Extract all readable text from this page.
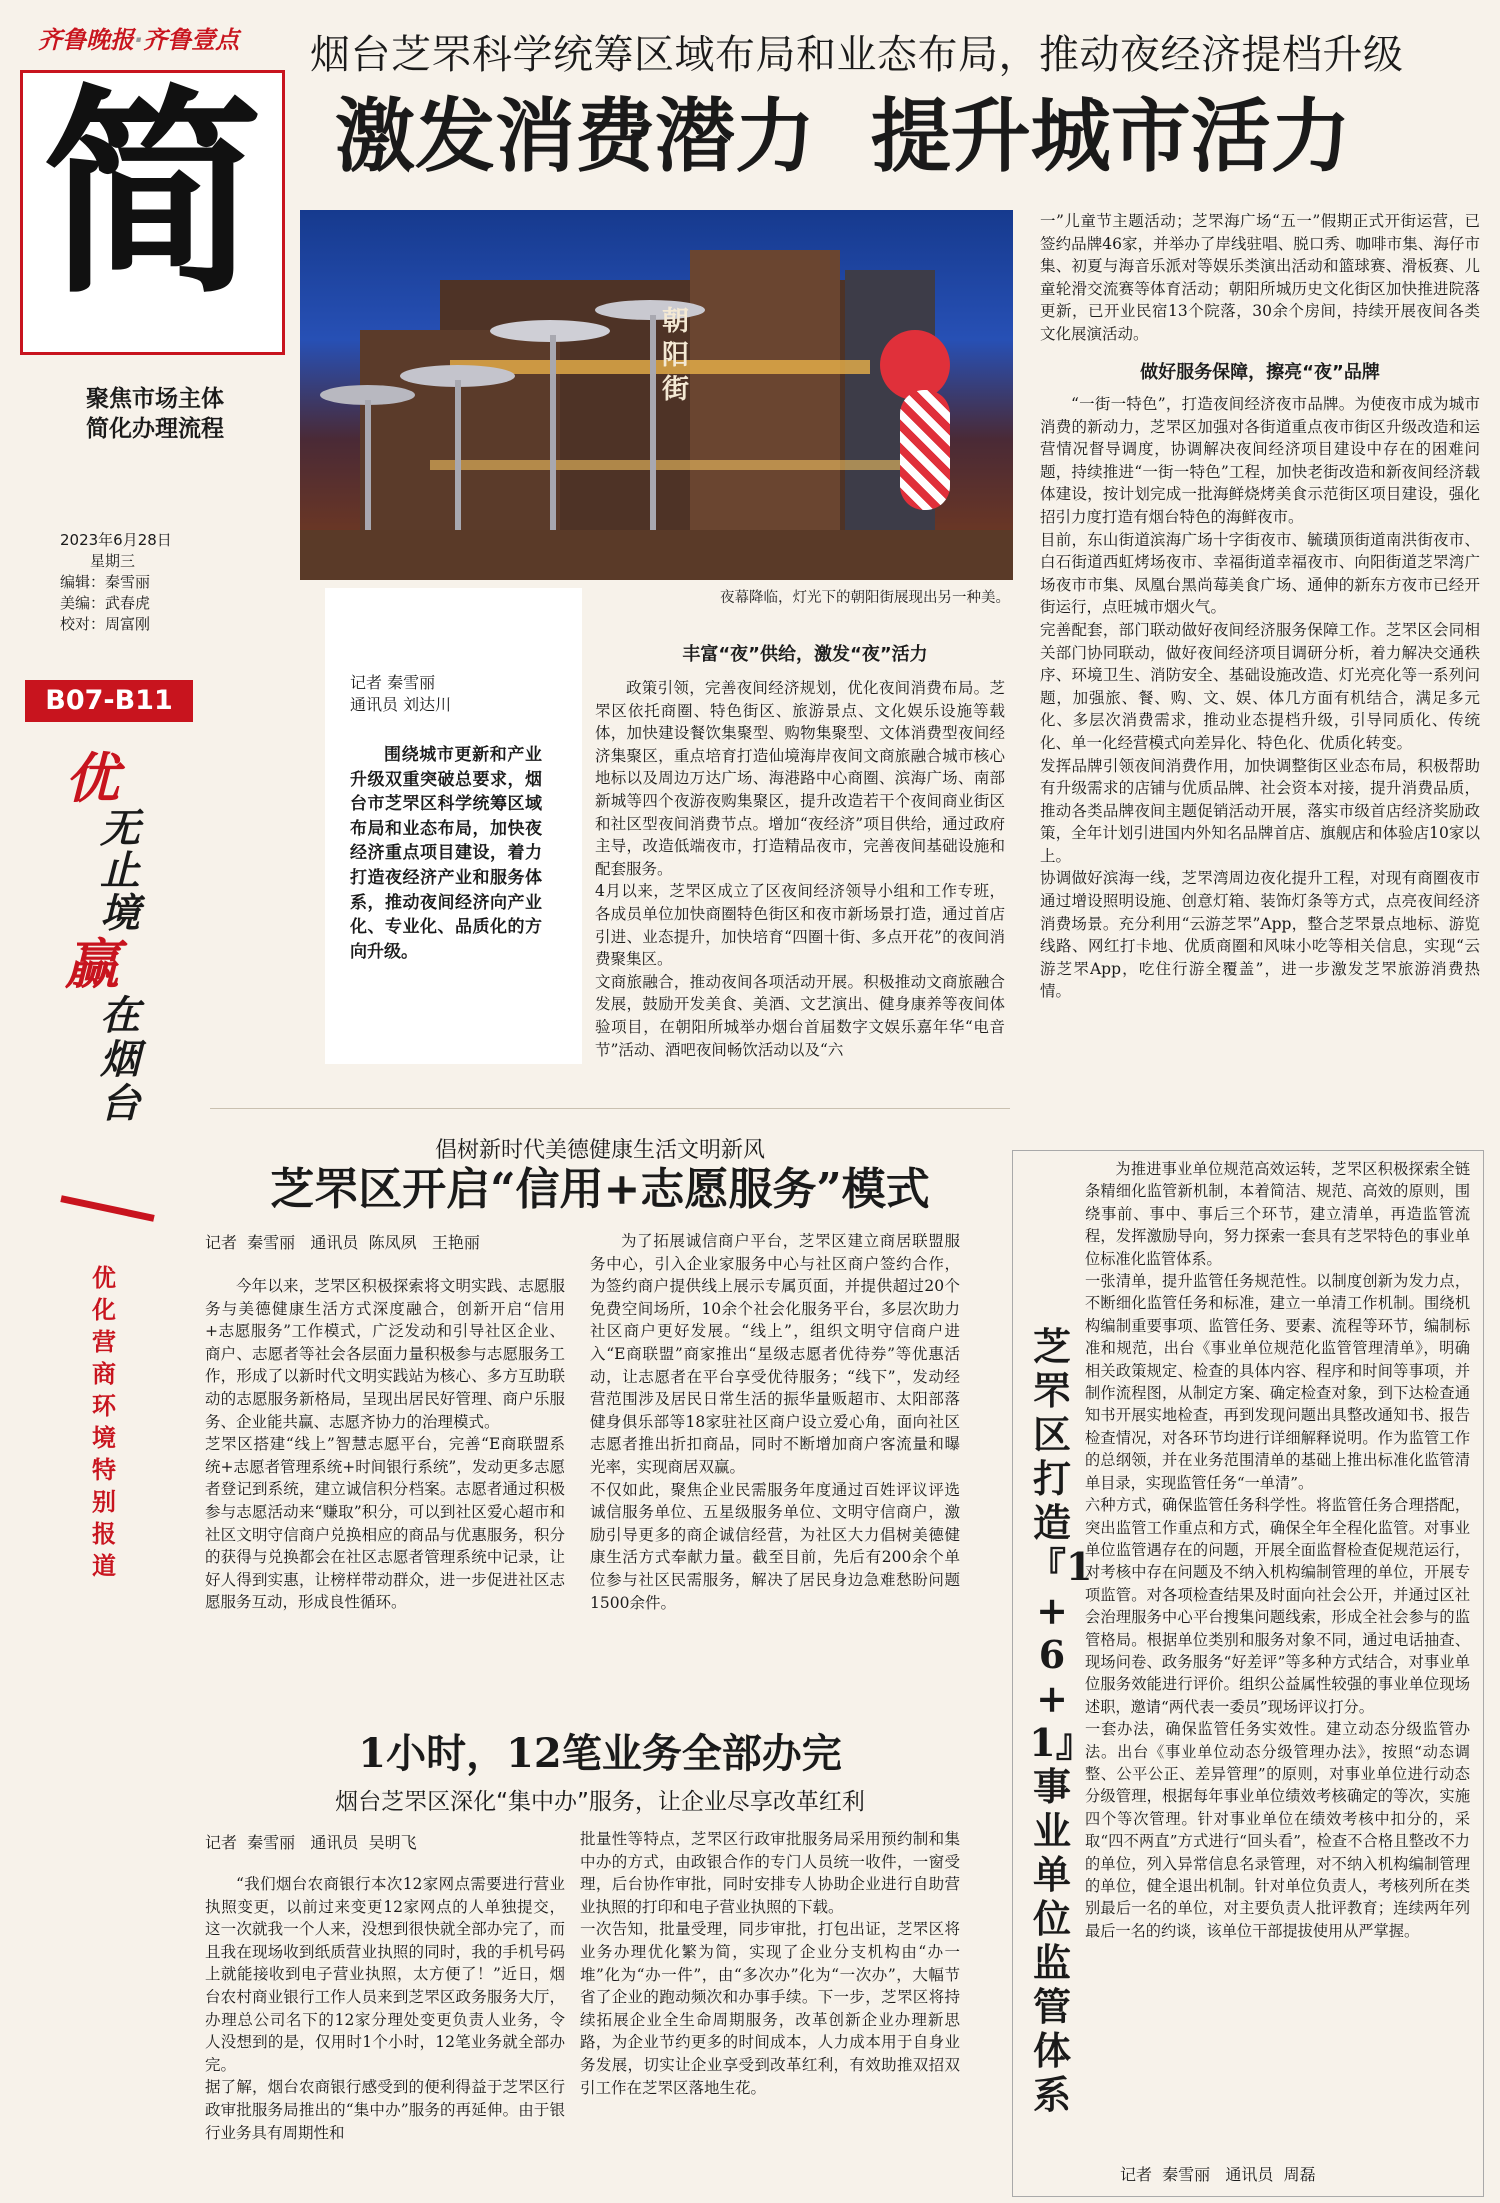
齐鲁晚报·齐鲁壹点
简
聚焦市场主体
简化办理流程
2023年6月28日
星期三
编辑：秦雪丽
美编：武春虎
校对：周富刚
B07-B11
优
无
止
境
赢
在
烟
台
优化营商环境特别报道
烟台芝罘科学统筹区域布局和业态布局，推动夜经济提档升级
激发消费潜力  提升城市活力
朝阳街
夜幕降临，灯光下的朝阳街展现出另一种美。
记者 秦雪丽
通讯员 刘达川

围绕城市更新和产业升级双重突破总要求，烟台市芝罘区科学统筹区域布局和业态布局，加快夜经济重点项目建设，着力打造夜经济产业和服务体系，推动夜间经济向产业化、专业化、品质化的方向升级。

丰富“夜”供给，激发“夜”活力

政策引领，完善夜间经济规划，优化夜间消费布局。芝罘区依托商圈、特色街区、旅游景点、文化娱乐设施等载体，加快建设餐饮集聚型、购物集聚型、文体消费型夜间经济集聚区，重点培育打造仙境海岸夜间文商旅融合城市核心地标以及周边万达广场、海港路中心商圈、滨海广场、南部新城等四个夜游夜购集聚区，提升改造若干个夜间商业街区和社区型夜间消费节点。增加“夜经济”项目供给，通过政府主导，改造低端夜市，打造精品夜市，完善夜间基础设施和配套服务。
4月以来，芝罘区成立了区夜间经济领导小组和工作专班，各成员单位加快商圈特色街区和夜市新场景打造，通过首店引进、业态提升，加快培育“四圈十街、多点开花”的夜间消费聚集区。
文商旅融合，推动夜间各项活动开展。积极推动文商旅融合发展，鼓励开发美食、美酒、文艺演出、健身康养等夜间体验项目，在朝阳所城举办烟台首届数字文娱乐嘉年华“电音节”活动、酒吧夜间畅饮活动以及“六

一”儿童节主题活动；芝罘海广场“五一”假期正式开街运营，已签约品牌46家，并举办了岸线驻唱、脱口秀、咖啡市集、海仔市集、初夏与海音乐派对等娱乐类演出活动和篮球赛、滑板赛、儿童轮滑交流赛等体育活动；朝阳所城历史文化街区加快推进院落更新，已开业民宿13个院落，30余个房间，持续开展夜间各类文化展演活动。

做好服务保障，擦亮“夜”品牌

“一街一特色”，打造夜间经济夜市品牌。为使夜市成为城市消费的新动力，芝罘区加强对各街道重点夜市街区升级改造和运营情况督导调度，协调解决夜间经济项目建设中存在的困难问题，持续推进“一街一特色”工程，加快老街改造和新夜间经济载体建设，按计划完成一批海鲜烧烤美食示范街区项目建设，强化招引力度打造有烟台特色的海鲜夜市。
目前，东山街道滨海广场十字街夜市、毓璜顶街道南洪街夜市、白石街道西虹烤场夜市、幸福街道幸福夜市、向阳街道芝罘湾广场夜市市集、凤凰台黑尚莓美食广场、通伸的新东方夜市已经开街运行，点旺城市烟火气。
完善配套，部门联动做好夜间经济服务保障工作。芝罘区会同相关部门协同联动，做好夜间经济项目调研分析，着力解决交通秩序、环境卫生、消防安全、基础设施改造、灯光亮化等一系列问题，加强旅、餐、购、文、娱、体几方面有机结合，满足多元化、多层次消费需求，推动业态提档升级，引导同质化、传统化、单一化经营模式向差异化、特色化、优质化转变。
发挥品牌引领夜间消费作用，加快调整街区业态布局，积极帮助有升级需求的店铺与优质品牌、社会资本对接，提升消费品质，推动各类品牌夜间主题促销活动开展，落实市级首店经济奖励政策，全年计划引进国内外知名品牌首店、旗舰店和体验店10家以上。
协调做好滨海一线，芝罘湾周边夜化提升工程，对现有商圈夜市通过增设照明设施、创意灯箱、装饰灯条等方式，点亮夜间经济消费场景。充分利用“云游芝罘”App，整合芝罘景点地标、游览线路、网红打卡地、优质商圈和风味小吃等相关信息，实现“云游芝罘App，吃住行游全覆盖”，进一步激发芝罘旅游消费热情。

倡树新时代美德健康生活文明新风
芝罘区开启“信用+志愿服务”模式
记者  秦雪丽   通讯员  陈凤夙   王艳丽

今年以来，芝罘区积极探索将文明实践、志愿服务与美德健康生活方式深度融合，创新开启“信用+志愿服务”工作模式，广泛发动和引导社区企业、商户、志愿者等社会各层面力量积极参与志愿服务工作，形成了以新时代文明实践站为核心、多方互助联动的志愿服务新格局，呈现出居民好管理、商户乐服务、企业能共赢、志愿齐协力的治理模式。
芝罘区搭建“线上”智慧志愿平台，完善“E商联盟系统+志愿者管理系统+时间银行系统”，发动更多志愿者登记到系统，建立诚信积分档案。志愿者通过积极参与志愿活动来“赚取”积分，可以到社区爱心超市和社区文明守信商户兑换相应的商品与优惠服务，积分的获得与兑换都会在社区志愿者管理系统中记录，让好人得到实惠，让榜样带动群众，进一步促进社区志愿服务互动，形成良性循环。

为了拓展诚信商户平台，芝罘区建立商居联盟服务中心，引入企业家服务中心与社区商户签约合作，为签约商户提供线上展示专属页面，并提供超过20个免费空间场所，10余个社会化服务平台，多层次助力社区商户更好发展。“线上”，组织文明守信商户进入“E商联盟”商家推出“星级志愿者优待券”等优惠活动，让志愿者在平台享受优待服务；“线下”，发动经营范围涉及居民日常生活的振华量贩超市、太阳部落健身俱乐部等18家驻社区商户设立爱心角，面向社区志愿者推出折扣商品，同时不断增加商户客流量和曝光率，实现商居双赢。
不仅如此，聚焦企业民需服务年度通过百姓评议评选诚信服务单位、五星级服务单位、文明守信商户，激励引导更多的商企诚信经营，为社区大力倡树美德健康生活方式奉献力量。截至目前，先后有200余个单位参与社区民需服务，解决了居民身边急难愁盼问题1500余件。

1小时，12笔业务全部办完
烟台芝罘区深化“集中办”服务，让企业尽享改革红利
记者  秦雪丽   通讯员  吴明飞

“我们烟台农商银行本次12家网点需要进行营业执照变更，以前过来变更12家网点的人单独提交，这一次就我一个人来，没想到很快就全部办完了，而且我在现场收到纸质营业执照的同时，我的手机号码上就能接收到电子营业执照，太方便了！”近日，烟台农村商业银行工作人员来到芝罘区政务服务大厅，办理总公司名下的12家分理处变更负责人业务，令人没想到的是，仅用时1个小时，12笔业务就全部办完。
据了解，烟台农商银行感受到的便利得益于芝罘区行政审批服务局推出的“集中办”服务的再延伸。由于银行业务具有周期性和

批量性等特点，芝罘区行政审批服务局采用预约制和集中办的方式，由政银合作的专门人员统一收件，一窗受理，后台协作审批，同时安排专人协助企业进行自助营业执照的打印和电子营业执照的下载。
一次告知，批量受理，同步审批，打包出证，芝罘区将业务办理优化繁为简，实现了企业分支机构由“办一堆”化为“办一件”，由“多次办”化为“一次办”，大幅节省了企业的跑动频次和办事手续。下一步，芝罘区将持续拓展企业全生命周期服务，改革创新企业办理新思路，为企业节约更多的时间成本，人力成本用于自身业务发展，切实让企业享受到改革红利，有效助推双招双引工作在芝罘区落地生花。

芝罘区打造『1+6+1』事业单位监管体系

为推进事业单位规范高效运转，芝罘区积极探索全链条精细化监管新机制，本着简洁、规范、高效的原则，围绕事前、事中、事后三个环节，建立清单，再造监管流程，发挥激励导向，努力探索一套具有芝罘特色的事业单位标准化监管体系。
一张清单，提升监管任务规范性。以制度创新为发力点，不断细化监管任务和标准，建立一单清工作机制。围绕机构编制重要事项、监管任务、要素、流程等环节，编制标准和规范，出台《事业单位规范化监管管理清单》，明确相关政策规定、检查的具体内容、程序和时间等事项，并制作流程图，从制定方案、确定检查对象，到下达检查通知书开展实地检查，再到发现问题出具整改通知书、报告检查情况，对各环节均进行详细解释说明。作为监管工作的总纲领，并在业务范围清单的基础上推出标准化监管清单目录，实现监管任务“一单清”。
六种方式，确保监管任务科学性。将监管任务合理搭配，突出监管工作重点和方式，确保全年全程化监管。对事业单位监管遇存在的问题，开展全面监督检查促规范运行，对考核中存在问题及不纳入机构编制管理的单位，开展专项监管。对各项检查结果及时面向社会公开，并通过区社会治理服务中心平台搜集问题线索，形成全社会参与的监管格局。根据单位类别和服务对象不同，通过电话抽查、现场问卷、政务服务“好差评”等多种方式结合，对事业单位服务效能进行评价。组织公益属性较强的事业单位现场述职，邀请“两代表一委员”现场评议打分。
一套办法，确保监管任务实效性。建立动态分级监管办法。出台《事业单位动态分级管理办法》，按照“动态调整、公平公正、差异管理”的原则，对事业单位进行动态分级管理，根据每年事业单位绩效考核确定的等次，实施四个等次管理。针对事业单位在绩效考核中扣分的，采取“四不两直”方式进行“回头看”，检查不合格且整改不力的单位，列入异常信息名录管理，对不纳入机构编制管理的单位，健全退出机制。针对单位负责人，考核列所在类别最后一名的单位，对主要负责人批评教育；连续两年列最后一名的约谈，该单位干部提拔使用从严掌握。

记者  秦雪丽   通讯员  周磊
